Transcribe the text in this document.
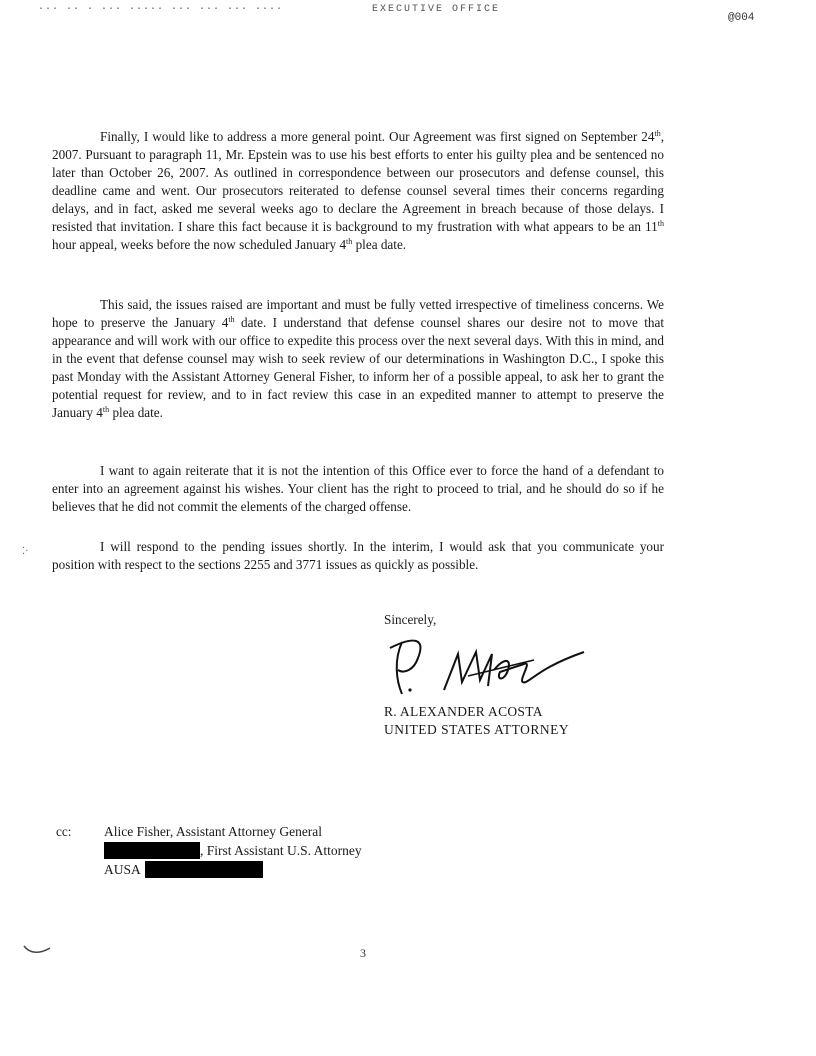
··· ·· · ··· ····· ··· ··· ··· ····	EXECUTIVE OFFICE
@004

Finally, I would like to address a more general point. Our Agreement was first signed on September 24th, 2007. Pursuant to paragraph 11, Mr. Epstein was to use his best efforts to enter his guilty plea and be sentenced no later than October 26, 2007. As outlined in correspondence between our prosecutors and defense counsel, this deadline came and went. Our prosecutors reiterated to defense counsel several times their concerns regarding delays, and in fact, asked me several weeks ago to declare the Agreement in breach because of those delays. I resisted that invitation. I share this fact because it is background to my frustration with what appears to be an 11th hour appeal, weeks before the now scheduled January 4th plea date.

This said, the issues raised are important and must be fully vetted irrespective of timeliness concerns. We hope to preserve the January 4th date. I understand that defense counsel shares our desire not to move that appearance and will work with our office to expedite this process over the next several days. With this in mind, and in the event that defense counsel may wish to seek review of our determinations in Washington D.C., I spoke this past Monday with the Assistant Attorney General Fisher, to inform her of a possible appeal, to ask her to grant the potential request for review, and to in fact review this case in an expedited manner to attempt to preserve the January 4th plea date.

I want to again reiterate that it is not the intention of this Office ever to force the hand of a defendant to enter into an agreement against his wishes. Your client has the right to proceed to trial, and he should do so if he believes that he did not commit the elements of the charged offense.

I will respond to the pending issues shortly. In the interim, I would ask that you communicate your position with respect to the sections 2255 and 3771 issues as quickly as possible.

Sincerely,
R. ALEXANDER ACOSTA
UNITED STATES ATTORNEY
cc: Alice Fisher, Assistant Attorney General
, First Assistant U.S. Attorney
AUSA
⁚·
3
